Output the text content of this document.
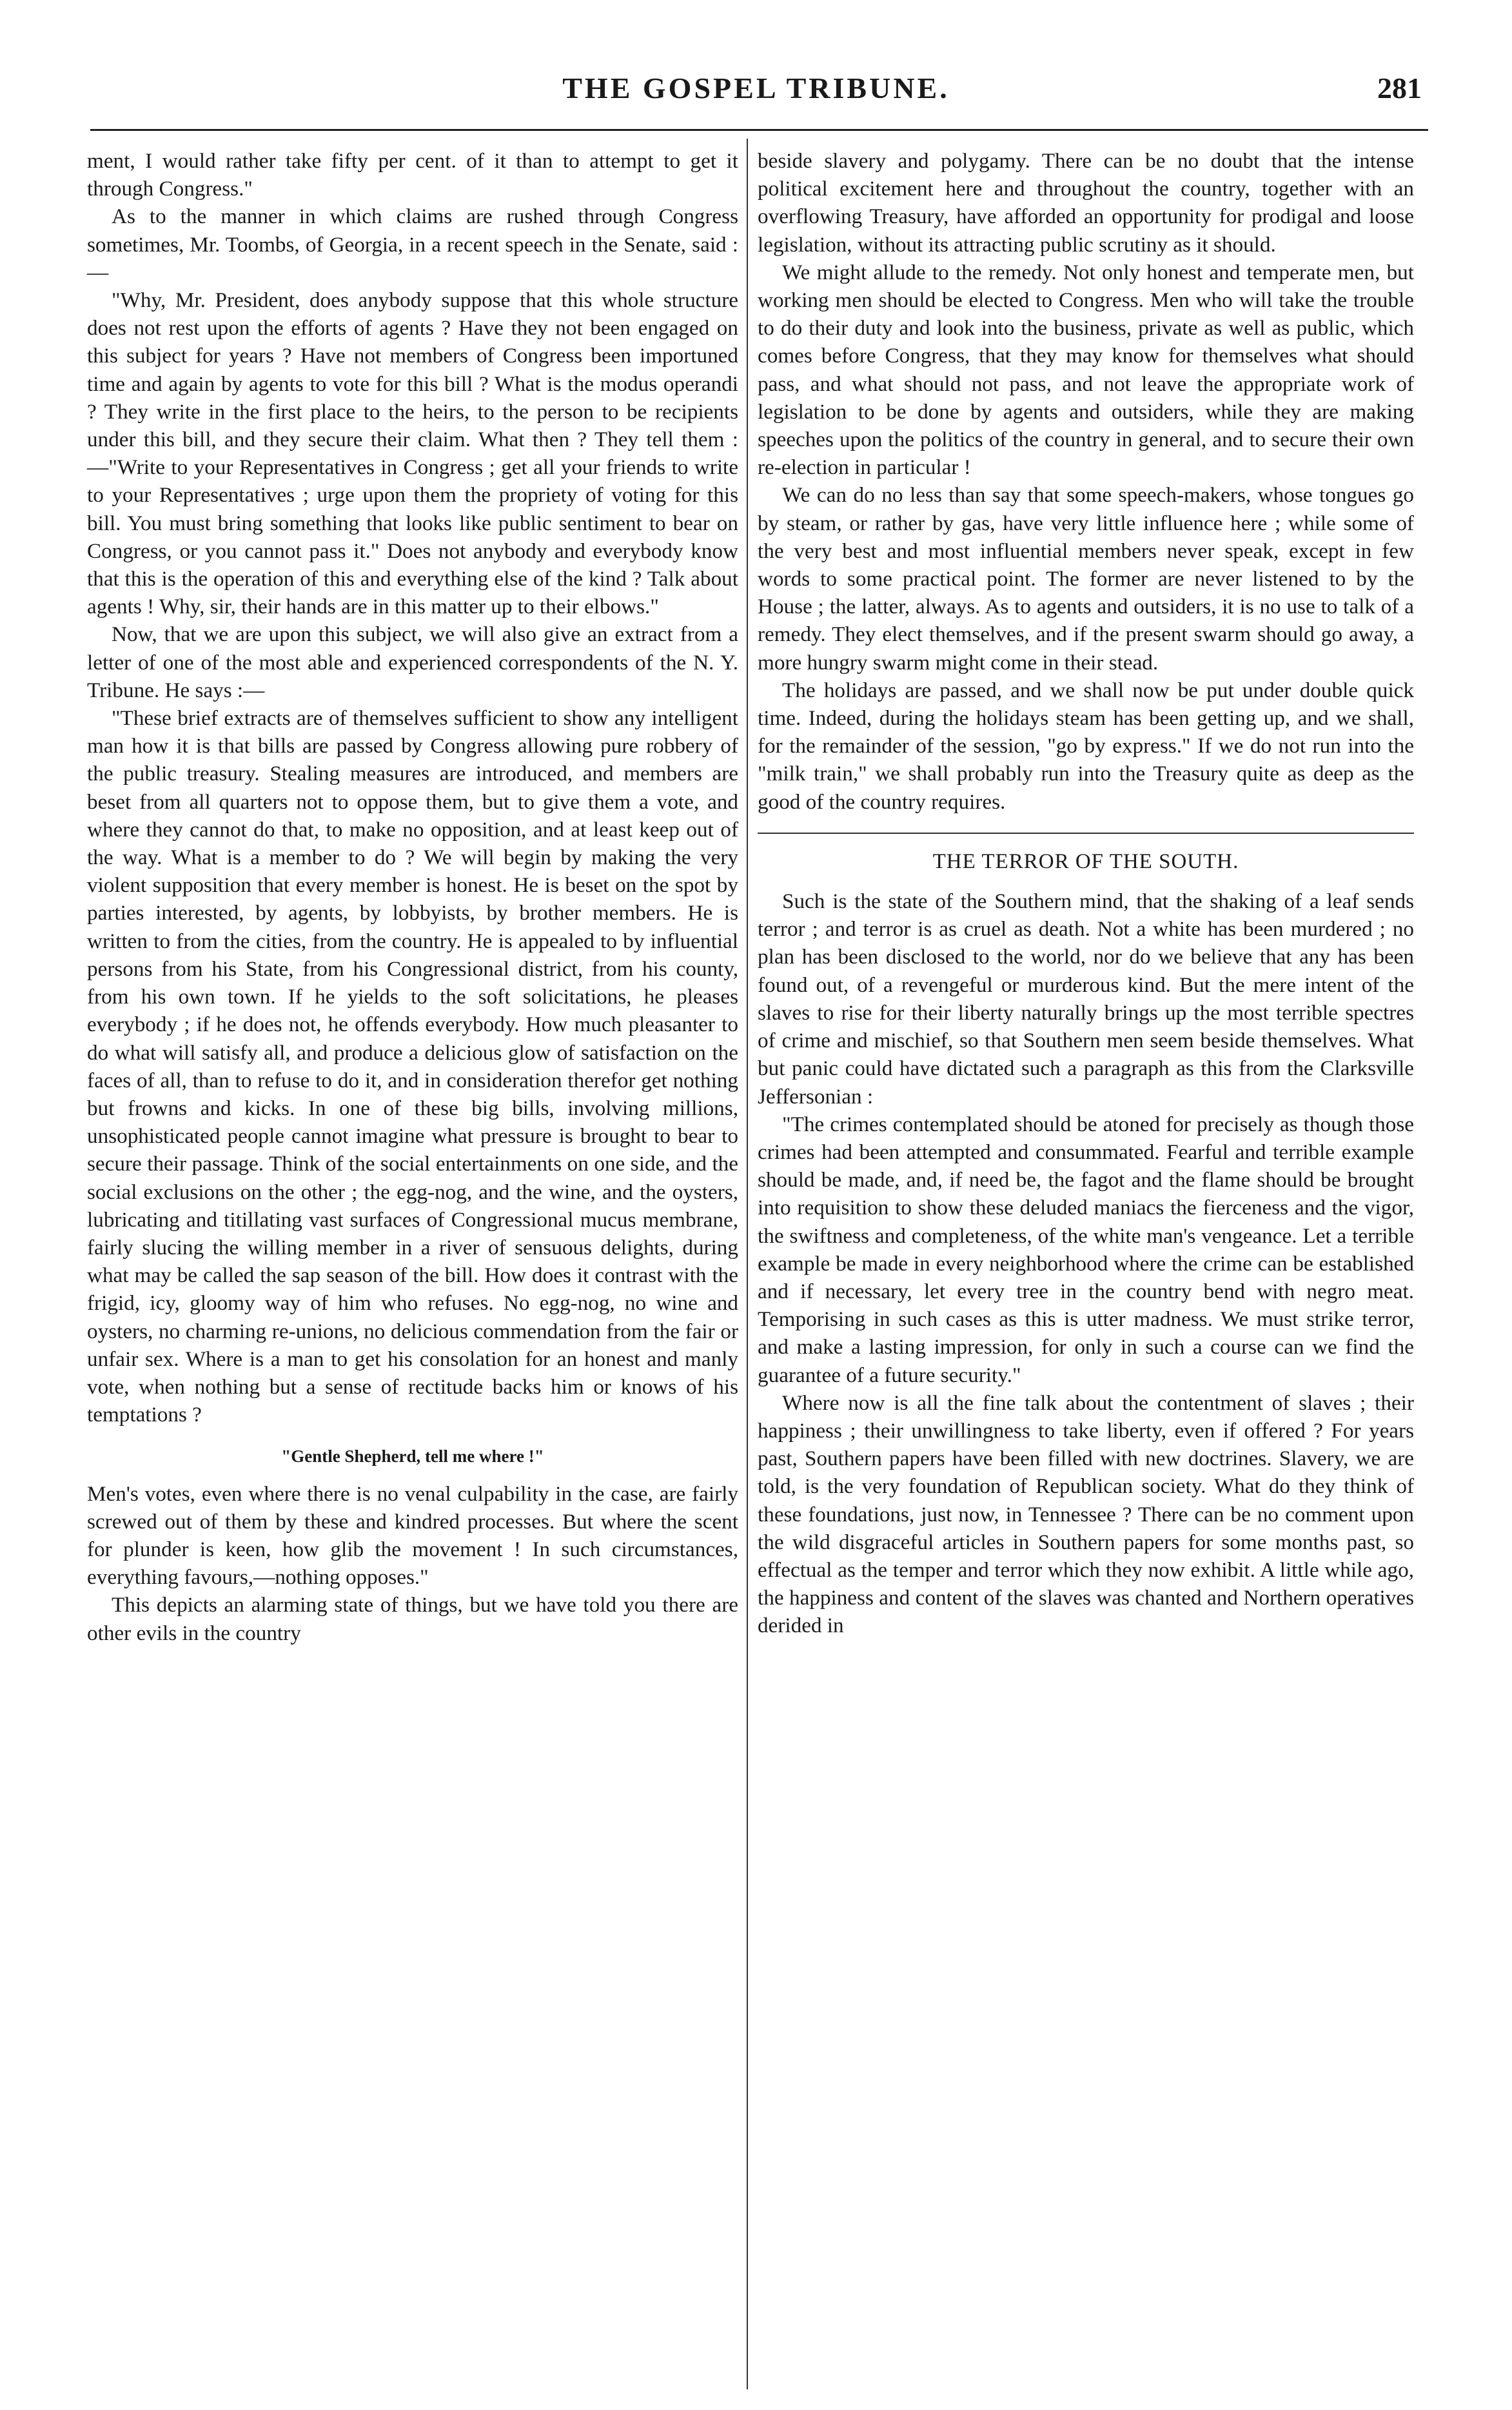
THE GOSPEL TRIBUNE.	281

ment, I would rather take fifty per cent. of it than to attempt to get it through Congress."

As to the manner in which claims are rushed through Congress sometimes, Mr. Toombs, of Georgia, in a recent speech in the Senate, said :—

"Why, Mr. President, does anybody suppose that this whole structure does not rest upon the efforts of agents ? Have they not been engaged on this subject for years ? Have not members of Congress been importuned time and again by agents to vote for this bill ? What is the modus operandi ? They write in the first place to the heirs, to the person to be recipients under this bill, and they secure their claim. What then ? They tell them :—"Write to your Representatives in Congress ; get all your friends to write to your Representatives ; urge upon them the propriety of voting for this bill. You must bring something that looks like public sentiment to bear on Congress, or you cannot pass it." Does not anybody and everybody know that this is the operation of this and everything else of the kind ? Talk about agents ! Why, sir, their hands are in this matter up to their elbows."

Now, that we are upon this subject, we will also give an extract from a letter of one of the most able and experienced correspondents of the N. Y. Tribune. He says :—

"These brief extracts are of themselves sufficient to show any intelligent man how it is that bills are passed by Congress allowing pure robbery of the public treasury. Stealing measures are introduced, and members are beset from all quarters not to oppose them, but to give them a vote, and where they cannot do that, to make no opposition, and at least keep out of the way. What is a member to do ? We will begin by making the very violent supposition that every member is honest. He is beset on the spot by parties interested, by agents, by lobbyists, by brother members. He is written to from the cities, from the country. He is appealed to by influential persons from his State, from his Congressional district, from his county, from his own town. If he yields to the soft solicitations, he pleases everybody ; if he does not, he offends everybody. How much pleasanter to do what will satisfy all, and produce a delicious glow of satisfaction on the faces of all, than to refuse to do it, and in consideration therefor get nothing but frowns and kicks. In one of these big bills, involving millions, unsophisticated people cannot imagine what pressure is brought to bear to secure their passage. Think of the social entertainments on one side, and the social exclusions on the other ; the egg-nog, and the wine, and the oysters, lubricating and titillating vast surfaces of Congressional mucus membrane, fairly slucing the willing member in a river of sensuous delights, during what may be called the sap season of the bill. How does it contrast with the frigid, icy, gloomy way of him who refuses. No egg-nog, no wine and oysters, no charming re-unions, no delicious commendation from the fair or unfair sex. Where is a man to get his consolation for an honest and manly vote, when nothing but a sense of rectitude backs him or knows of his temptations ?

"Gentle Shepherd, tell me where !"

Men's votes, even where there is no venal culpability in the case, are fairly screwed out of them by these and kindred processes. But where the scent for plunder is keen, how glib the movement ! In such circumstances, everything favours,—nothing opposes."

This depicts an alarming state of things, but we have told you there are other evils in the country

beside slavery and polygamy. There can be no doubt that the intense political excitement here and throughout the country, together with an overflowing Treasury, have afforded an opportunity for prodigal and loose legislation, without its attracting public scrutiny as it should.

We might allude to the remedy. Not only honest and temperate men, but working men should be elected to Congress. Men who will take the trouble to do their duty and look into the business, private as well as public, which comes before Congress, that they may know for themselves what should pass, and what should not pass, and not leave the appropriate work of legislation to be done by agents and outsiders, while they are making speeches upon the politics of the country in general, and to secure their own re-election in particular !

We can do no less than say that some speech-makers, whose tongues go by steam, or rather by gas, have very little influence here ; while some of the very best and most influential members never speak, except in few words to some practical point. The former are never listened to by the House ; the latter, always. As to agents and outsiders, it is no use to talk of a remedy. They elect themselves, and if the present swarm should go away, a more hungry swarm might come in their stead.

The holidays are passed, and we shall now be put under double quick time. Indeed, during the holidays steam has been getting up, and we shall, for the remainder of the session, "go by express." If we do not run into the "milk train," we shall probably run into the Treasury quite as deep as the good of the country requires.

THE TERROR OF THE SOUTH.

Such is the state of the Southern mind, that the shaking of a leaf sends terror ; and terror is as cruel as death. Not a white has been murdered ; no plan has been disclosed to the world, nor do we believe that any has been found out, of a revengeful or murderous kind. But the mere intent of the slaves to rise for their liberty naturally brings up the most terrible spectres of crime and mischief, so that Southern men seem beside themselves. What but panic could have dictated such a paragraph as this from the Clarksville Jeffersonian :

"The crimes contemplated should be atoned for precisely as though those crimes had been attempted and consummated. Fearful and terrible example should be made, and, if need be, the fagot and the flame should be brought into requisition to show these deluded maniacs the fierceness and the vigor, the swiftness and completeness, of the white man's vengeance. Let a terrible example be made in every neighborhood where the crime can be established and if necessary, let every tree in the country bend with negro meat. Temporising in such cases as this is utter madness. We must strike terror, and make a lasting impression, for only in such a course can we find the guarantee of a future security."

Where now is all the fine talk about the contentment of slaves ; their happiness ; their unwillingness to take liberty, even if offered ? For years past, Southern papers have been filled with new doctrines. Slavery, we are told, is the very foundation of Republican society. What do they think of these foundations, just now, in Tennessee ? There can be no comment upon the wild disgraceful articles in Southern papers for some months past, so effectual as the temper and terror which they now exhibit. A little while ago, the happiness and content of the slaves was chanted and Northern operatives derided in
